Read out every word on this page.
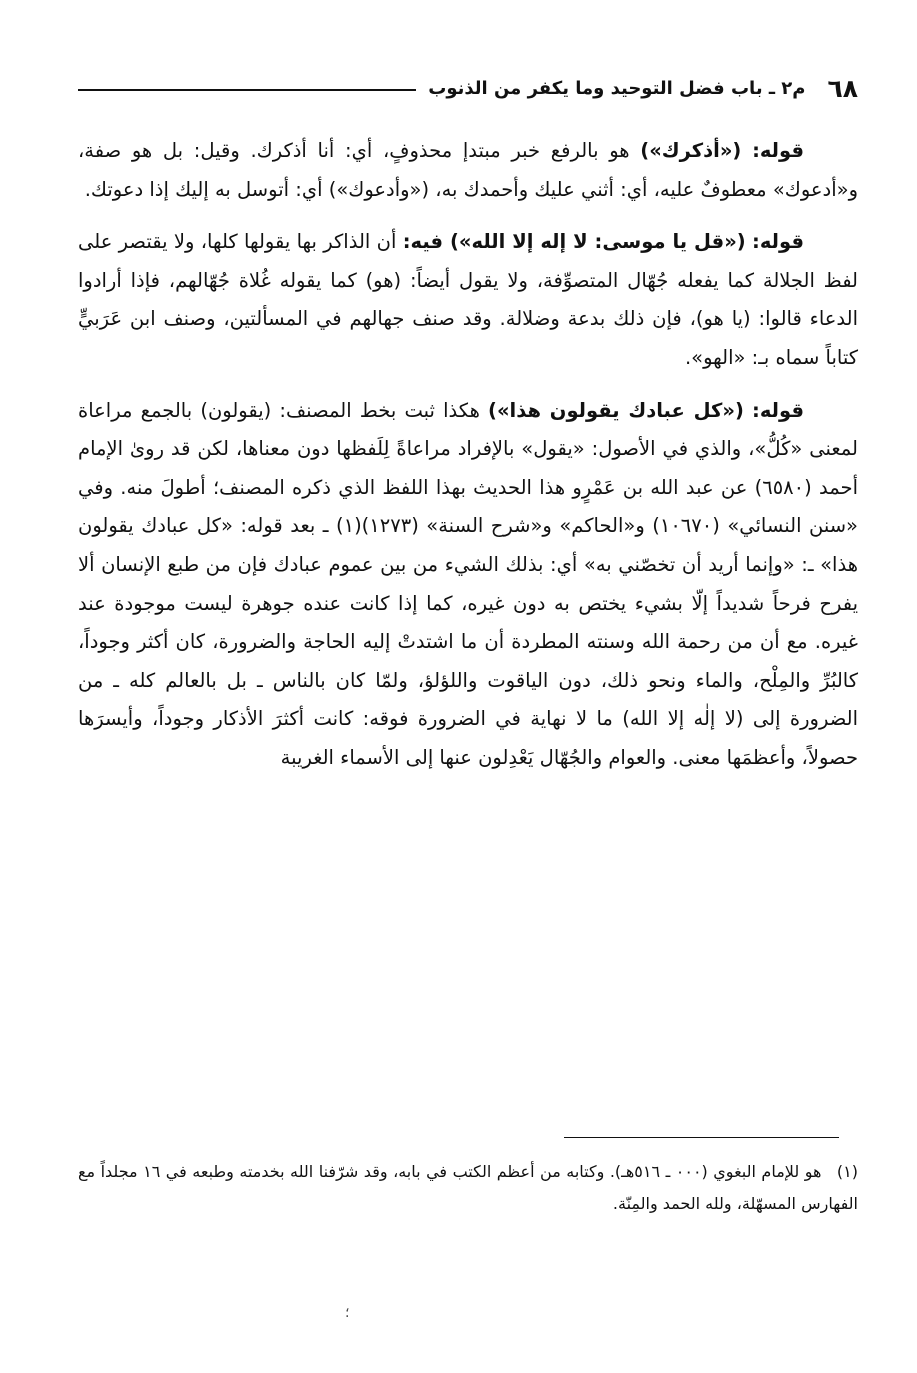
٦٨
م٢ ـ باب فضل التوحيد وما يكفر من الذنوب

قوله: («أذكرك») هو بالرفع خبر مبتدإ محذوفٍ، أي: أنا أذكرك. وقيل: بل هو صفة، و«أدعوك» معطوفٌ عليه، أي: أثني عليك وأحمدك به، («وأدعوك») أي: أتوسل به إليك إذا دعوتك.

قوله: («قل يا موسى: لا إله إلا الله») فيه: أن الذاكر بها يقولها كلها، ولا يقتصر على لفظ الجلالة كما يفعله جُهّال المتصوِّفة، ولا يقول أيضاً: (هو) كما يقوله غُلاة جُهّالهم، فإذا أرادوا الدعاء قالوا: (يا هو)، فإن ذلك بدعة وضلالة. وقد صنف جهالهم في المسألتين، وصنف ابن عَرَبيٍّ كتاباً سماه بـ: «الهو».

قوله: («كل عبادك يقولون هذا») هكذا ثبت بخط المصنف: (يقولون) بالجمع مراعاة لمعنى «كُلُّ»، والذي في الأصول: «يقول» بالإفراد مراعاةً لِلَفظها دون معناها، لكن قد روىٰ الإمام أحمد (٦٥٨٠) عن عبد الله بن عَمْرٍو هذا الحديث بهذا اللفظ الذي ذكره المصنف؛ أطولَ منه. وفي «سنن النسائي» (١٠٦٧٠) و«الحاكم» و«شرح السنة» (١٢٧٣)(١) ـ بعد قوله: «كل عبادك يقولون هذا» ـ: «وإنما أريد أن تخصّني به» أي: بذلك الشيء من بين عموم عبادك فإن من طبع الإنسان ألا يفرح فرحاً شديداً إلّا بشيء يختص به دون غيره، كما إذا كانت عنده جوهرة ليست موجودة عند غيره. مع أن من رحمة الله وسنته المطردة أن ما اشتدتْ إليه الحاجة والضرورة، كان أكثر وجوداً، كالبُرِّ والمِلْح، والماء ونحو ذلك، دون الياقوت واللؤلؤ، ولمّا كان بالناس ـ بل بالعالم كله ـ من الضرورة إلى (لا إلٰه إلا الله) ما لا نهاية في الضرورة فوقه: كانت أكثرَ الأذكار وجوداً، وأيسرَها حصولاً، وأعظمَها معنى. والعوام والجُهّال يَعْدِلون عنها إلى الأسماء الغريبة

(١) هو للإمام البغوي (٠٠٠ ـ ٥١٦هـ). وكتابه من أعظم الكتب في بابه، وقد شرّفنا الله بخدمته وطبعه في ١٦ مجلداً مع الفهارس المسهّلة، ولله الحمد والمِنّة.
؛
